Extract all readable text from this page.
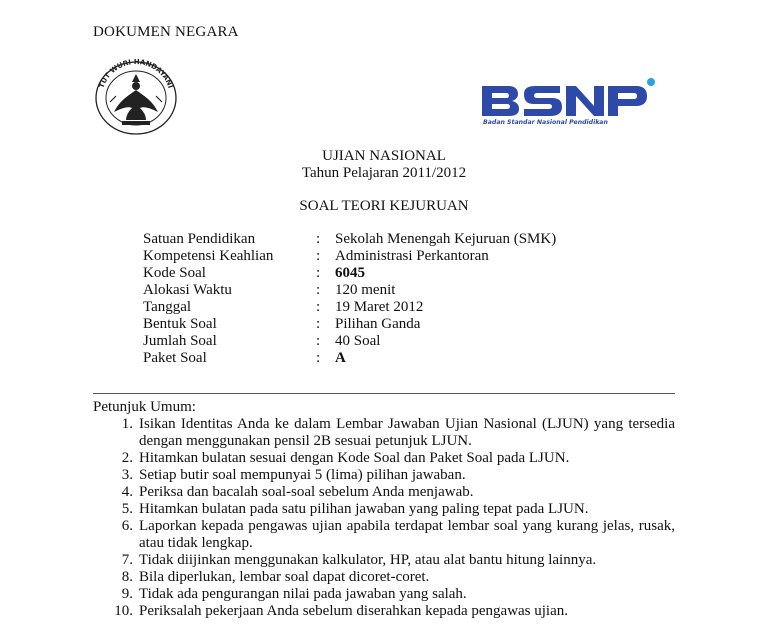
DOKUMEN NEGARA
TUT WURI HANDAYANI
Badan Standar Nasional Pendidikan
UJIAN NASIONAL
Tahun Pelajaran 2011/2012
SOAL TEORI KEJURUAN
Satuan Pendidikan	: Sekolah Menengah Kejuruan (SMK)
Kompetensi Keahlian	: Administrasi Perkantoran
Kode Soal	: 6045
Alokasi Waktu	: 120 menit
Tanggal	: 19 Maret 2012
Bentuk Soal	: Pilihan Ganda
Jumlah Soal	: 40 Soal
Paket Soal	: A
Petunjuk Umum:
1. Isikan Identitas Anda ke dalam Lembar Jawaban Ujian Nasional (LJUN) yang tersedia dengan menggunakan pensil 2B sesuai petunjuk LJUN.
2. Hitamkan bulatan sesuai dengan Kode Soal dan Paket Soal pada LJUN.
3. Setiap butir soal mempunyai 5 (lima) pilihan jawaban.
4. Periksa dan bacalah soal-soal sebelum Anda menjawab.
5. Hitamkan bulatan pada satu pilihan jawaban yang paling tepat pada LJUN.
6. Laporkan kepada pengawas ujian apabila terdapat lembar soal yang kurang jelas, rusak, atau tidak lengkap.
7. Tidak diijinkan menggunakan kalkulator, HP, atau alat bantu hitung lainnya.
8. Bila diperlukan, lembar soal dapat dicoret-coret.
9. Tidak ada pengurangan nilai pada jawaban yang salah.
10. Periksalah pekerjaan Anda sebelum diserahkan kepada pengawas ujian.
